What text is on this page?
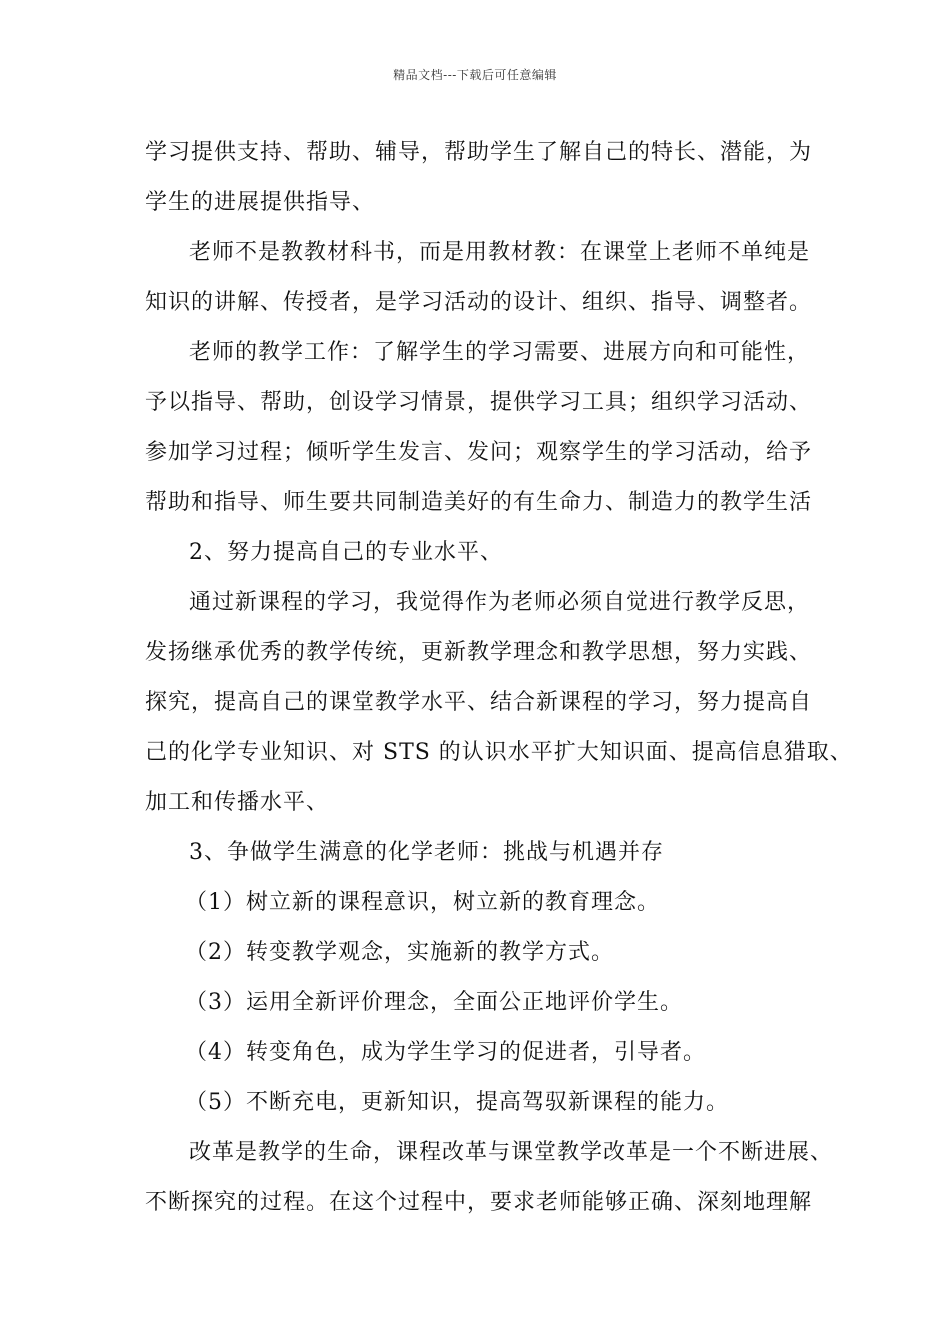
精品文档---下载后可任意编辑

学习提供支持、帮助、辅导，帮助学生了解自己的特长、潜能，为

学生的进展提供指导、

老师不是教教材科书，而是用教材教：在课堂上老师不单纯是

知识的讲解、传授者，是学习活动的设计、组织、指导、调整者。

老师的教学工作：了解学生的学习需要、进展方向和可能性，

予以指导、帮助，创设学习情景，提供学习工具；组织学习活动、

参加学习过程；倾听学生发言、发问；观察学生的学习活动，给予

帮助和指导、师生要共同制造美好的有生命力、制造力的教学生活

2、努力提高自己的专业水平、

通过新课程的学习，我觉得作为老师必须自觉进行教学反思，

发扬继承优秀的教学传统，更新教学理念和教学思想，努力实践、

探究，提高自己的课堂教学水平、结合新课程的学习，努力提高自

己的化学专业知识、对 STS 的认识水平扩大知识面、提高信息猎取、

加工和传播水平、

3、争做学生满意的化学老师：挑战与机遇并存

（1）树立新的课程意识，树立新的教育理念。

（2）转变教学观念，实施新的教学方式。

（3）运用全新评价理念，全面公正地评价学生。

（4）转变角色，成为学生学习的促进者，引导者。

（5）不断充电，更新知识，提高驾驭新课程的能力。

改革是教学的生命，课程改革与课堂教学改革是一个不断进展、

不断探究的过程。在这个过程中，要求老师能够正确、深刻地理解
